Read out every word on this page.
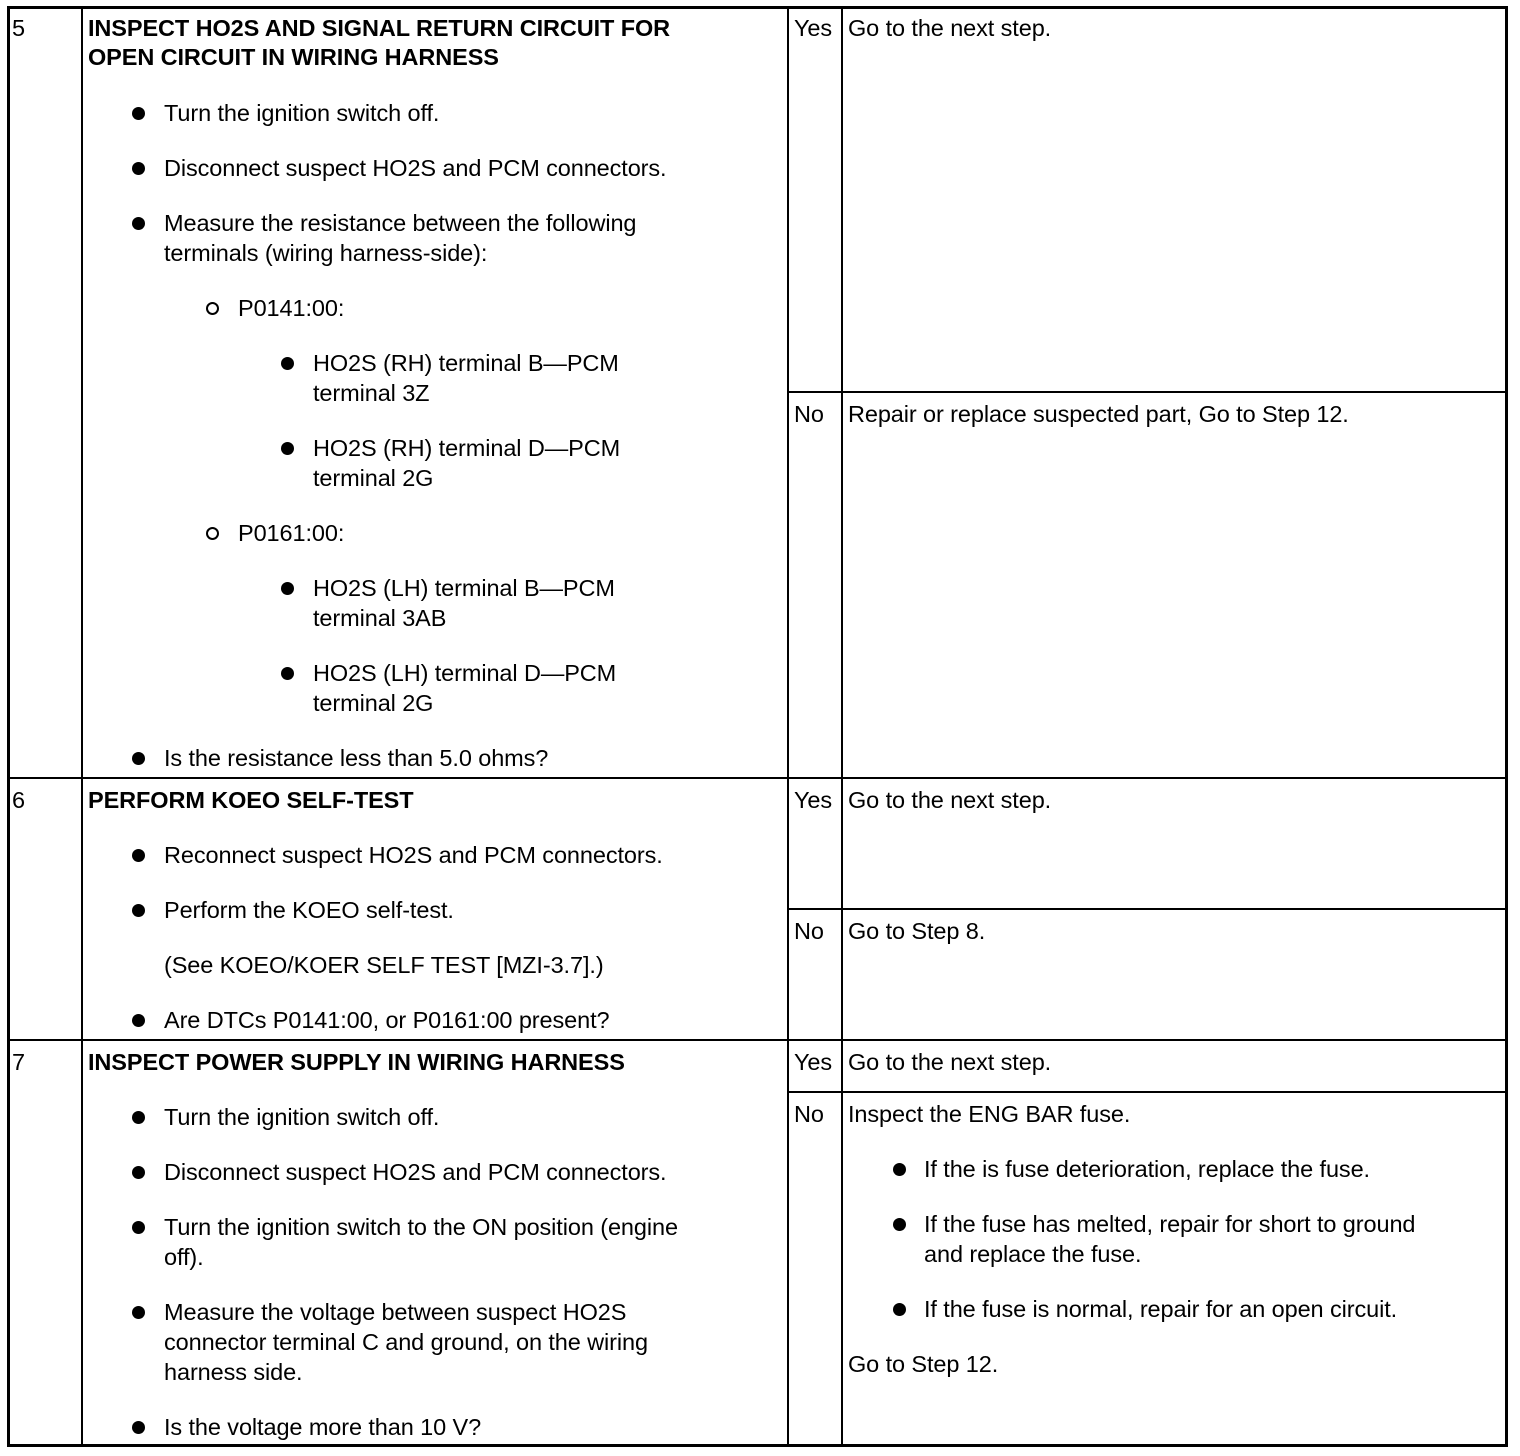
5	INSPECT HO2S AND SIGNAL RETURN CIRCUIT FOR
OPEN CIRCUIT IN WIRING HARNESS
Turn the ignition switch off.
Disconnect suspect HO2S and PCM connectors.
Measure the resistance between the following
terminals (wiring harness-side):
P0141:00:
HO2S (RH) terminal B—PCM
terminal 3Z
HO2S (RH) terminal D—PCM
terminal 2G
P0161:00:
HO2S (LH) terminal B—PCM
terminal 3AB
HO2S (LH) terminal D—PCM
terminal 2G
Is the resistance less than 5.0 ohms?
Yes Go to the next step.
No Repair or replace suspected part, Go to Step 12.
6	PERFORM KOEO SELF-TEST
Reconnect suspect HO2S and PCM connectors.
Perform the KOEO self-test.
(See KOEO/KOER SELF TEST [MZI-3.7].)
Are DTCs P0141:00, or P0161:00 present?
Yes Go to the next step.
No Go to Step 8.
7	INSPECT POWER SUPPLY IN WIRING HARNESS
Turn the ignition switch off.
Disconnect suspect HO2S and PCM connectors.
Turn the ignition switch to the ON position (engine
off).
Measure the voltage between suspect HO2S
connector terminal C and ground, on the wiring
harness side.
Is the voltage more than 10 V?
Yes Go to the next step.
No Inspect the ENG BAR fuse.
If the is fuse deterioration, replace the fuse.
If the fuse has melted, repair for short to ground
and replace the fuse.
If the fuse is normal, repair for an open circuit.
Go to Step 12.
